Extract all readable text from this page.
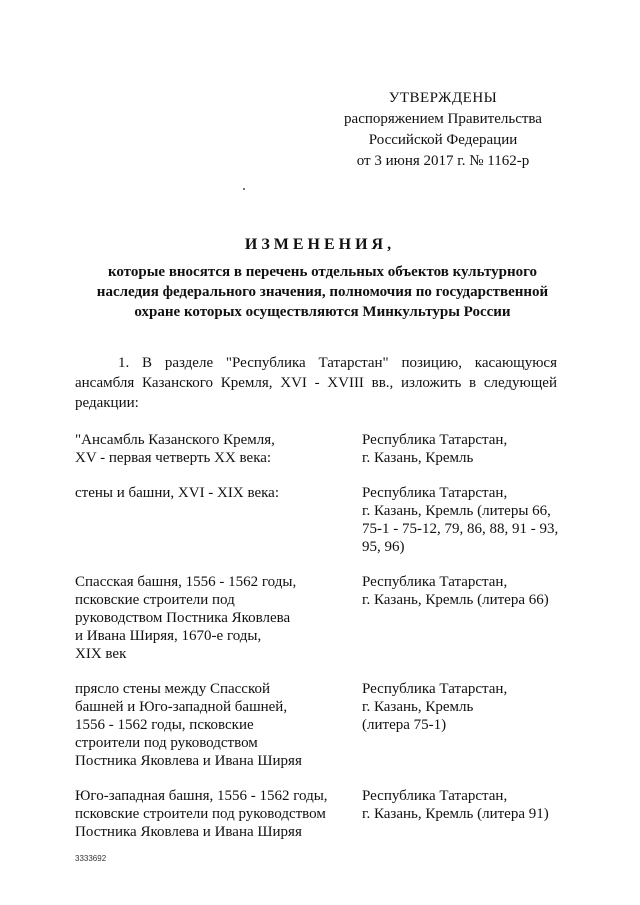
УТВЕРЖДЕНЫ
распоряжением Правительства
Российской Федерации
от 3 июня 2017 г. № 1162-р
ИЗМЕНЕНИЯ,
которые вносятся в перечень отдельных объектов культурного
наследия федерального значения, полномочия по государственной
охране которых осуществляются Минкультуры России
1. В разделе "Республика Татарстан" позицию, касающуюся ансамбля Казанского Кремля, XVI - XVIII вв., изложить в следующей редакции:
"Ансамбль Казанского Кремля,
XV - первая четверть XX века:
Республика Татарстан,
г. Казань, Кремль
стены и башни, XVI - XIX века:	Республика Татарстан,
г. Казань, Кремль (литеры 66,
75-1 - 75-12, 79, 86, 88, 91 - 93,
95, 96)
Спасская башня, 1556 - 1562 годы,
псковские строители под
руководством Постника Яковлева
и Ивана Ширяя, 1670-е годы,
XIX век
Республика Татарстан,
г. Казань, Кремль (литера 66)
прясло стены между Спасской
башней и Юго-западной башней,
1556 - 1562 годы, псковские
строители под руководством
Постника Яковлева и Ивана Ширяя
Республика Татарстан,
г. Казань, Кремль
(литера 75-1)
Юго-западная башня, 1556 - 1562 годы,
псковские строители под руководством
Постника Яковлева и Ивана Ширяя
Республика Татарстан,
г. Казань, Кремль (литера 91)
3333692
